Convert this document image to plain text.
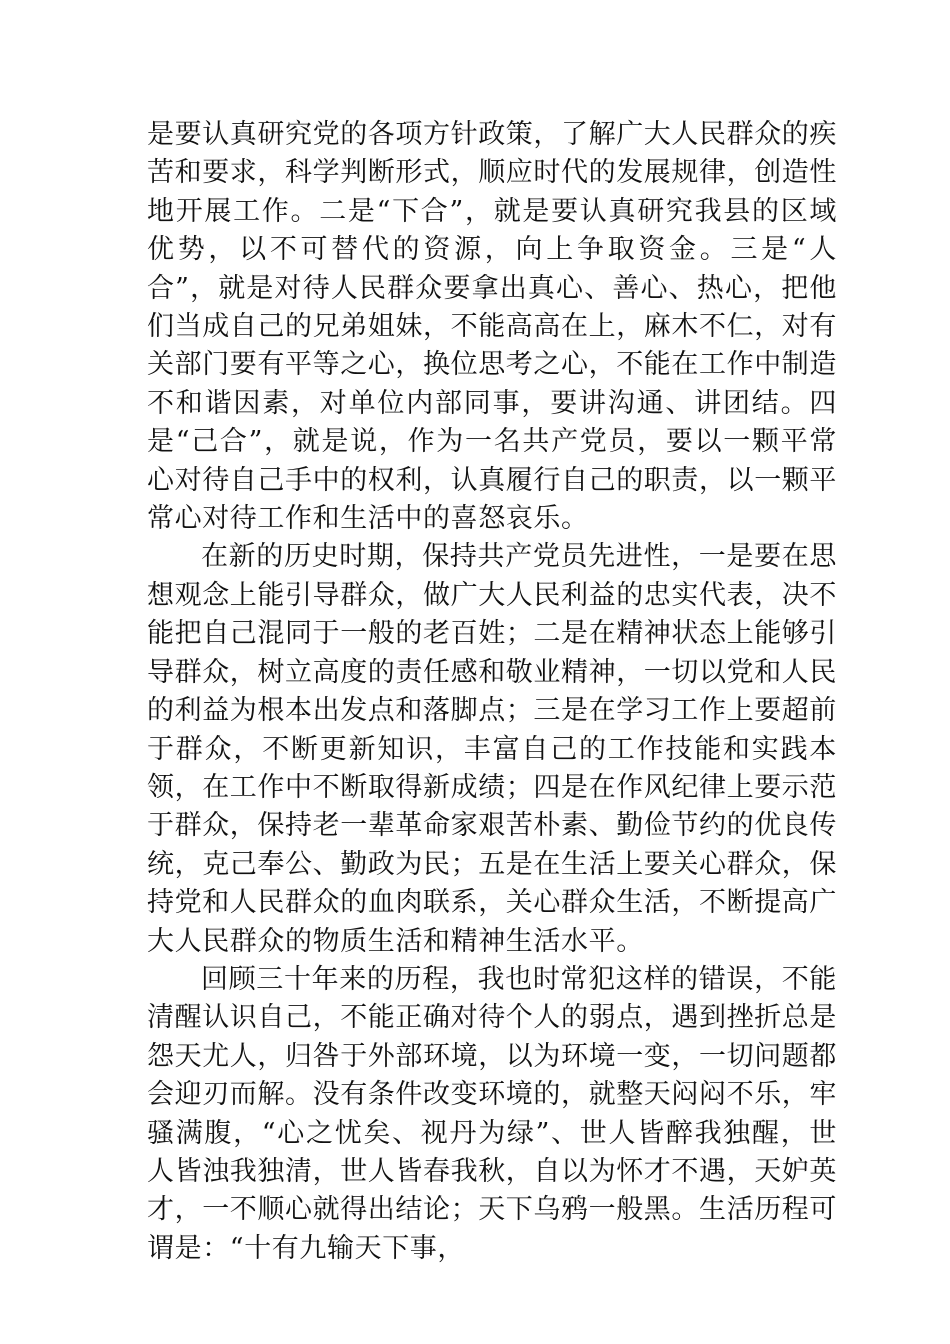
是要认真研究党的各项方针政策，了解广大人民群众的疾苦和要求，科学判断形式，顺应时代的发展规律，创造性地开展工作。二是“下合”，就是要认真研究我县的区域优势，以不可替代的资源，向上争取资金。三是“人合”，就是对待人民群众要拿出真心、善心、热心，把他们当成自己的兄弟姐妹，不能高高在上，麻木不仁，对有关部门要有平等之心，换位思考之心，不能在工作中制造不和谐因素，对单位内部同事，要讲沟通、讲团结。四是“己合”，就是说，作为一名共产党员，要以一颗平常心对待自己手中的权利，认真履行自己的职责，以一颗平常心对待工作和生活中的喜怒哀乐。

在新的历史时期，保持共产党员先进性，一是要在思想观念上能引导群众，做广大人民利益的忠实代表，决不能把自己混同于一般的老百姓；二是在精神状态上能够引导群众，树立高度的责任感和敬业精神，一切以党和人民的利益为根本出发点和落脚点；三是在学习工作上要超前于群众，不断更新知识，丰富自己的工作技能和实践本领，在工作中不断取得新成绩；四是在作风纪律上要示范于群众，保持老一辈革命家艰苦朴素、勤俭节约的优良传统，克己奉公、勤政为民；五是在生活上要关心群众，保持党和人民群众的血肉联系，关心群众生活，不断提高广大人民群众的物质生活和精神生活水平。

回顾三十年来的历程，我也时常犯这样的错误，不能清醒认识自己，不能正确对待个人的弱点，遇到挫折总是怨天尤人，归咎于外部环境，以为环境一变，一切问题都会迎刃而解。没有条件改变环境的，就整天闷闷不乐，牢骚满腹，“心之忧矣、视丹为绿”、世人皆醉我独醒，世人皆浊我独清，世人皆春我秋，自以为怀才不遇，天妒英才，一不顺心就得出结论；天下乌鸦一般黑。生活历程可谓是：“十有九输天下事，
